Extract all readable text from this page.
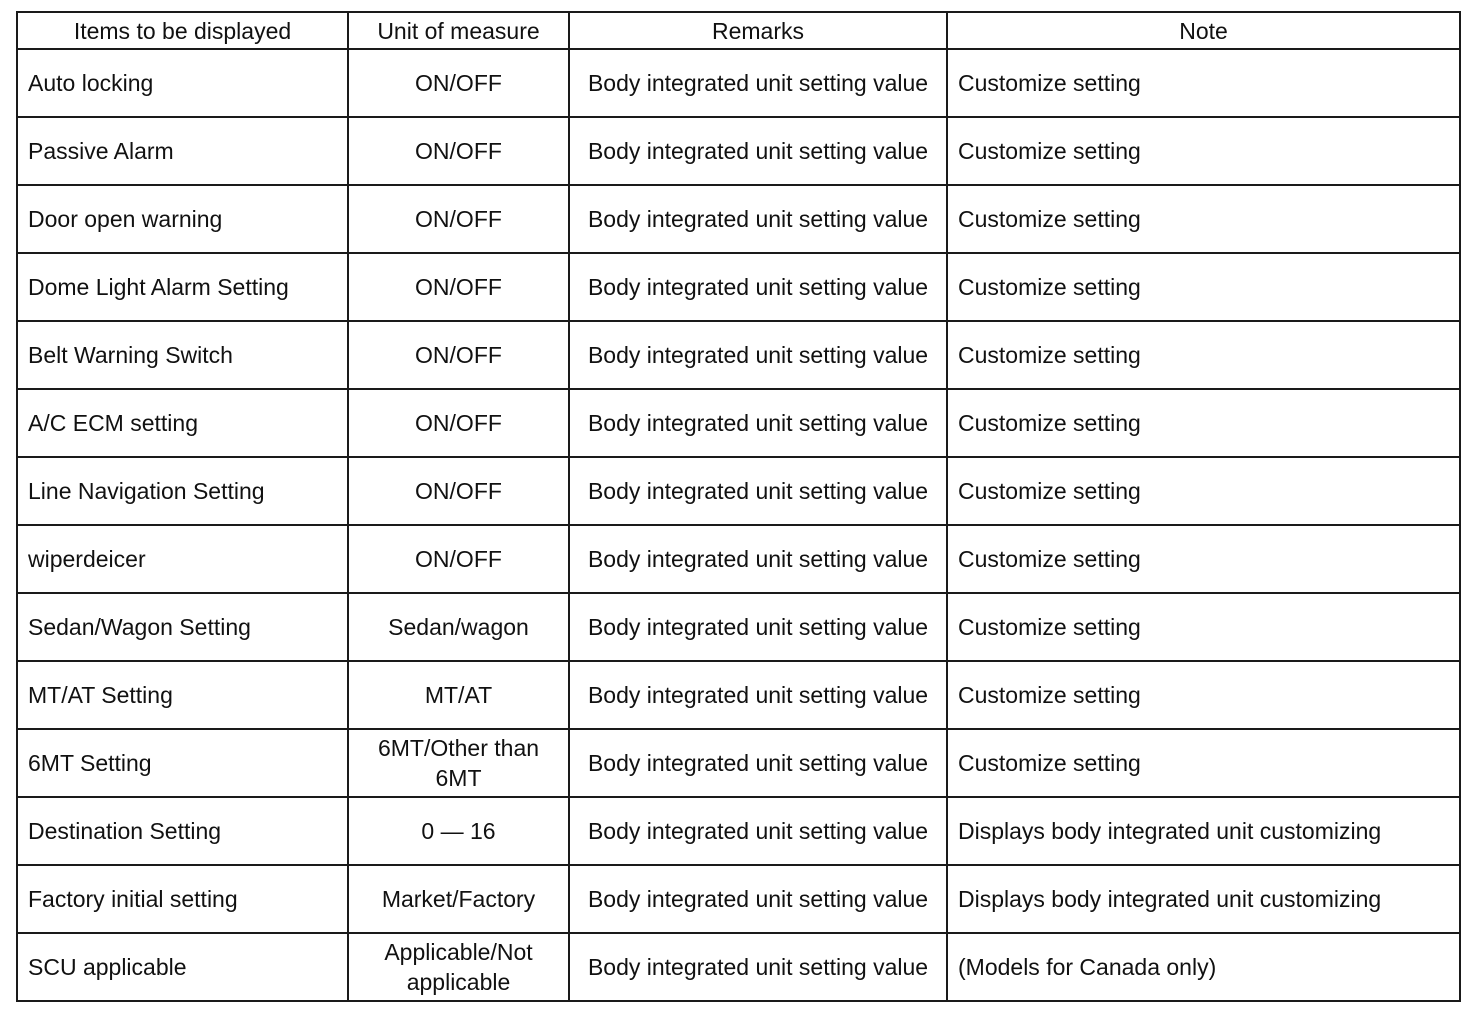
Items to be displayed	Unit of measure	Remarks	Note
Auto locking	ON/OFF	Body integrated unit setting value	Customize setting
Passive Alarm	ON/OFF	Body integrated unit setting value	Customize setting
Door open warning	ON/OFF	Body integrated unit setting value	Customize setting
Dome Light Alarm Setting	ON/OFF	Body integrated unit setting value	Customize setting
Belt Warning Switch	ON/OFF	Body integrated unit setting value	Customize setting
A/C ECM setting	ON/OFF	Body integrated unit setting value	Customize setting
Line Navigation Setting	ON/OFF	Body integrated unit setting value	Customize setting
wiperdeicer	ON/OFF	Body integrated unit setting value	Customize setting
Sedan/Wagon Setting	Sedan/wagon	Body integrated unit setting value	Customize setting
MT/AT Setting	MT/AT	Body integrated unit setting value	Customize setting
6MT Setting	6MT/Other than 6MT	Body integrated unit setting value	Customize setting
Destination Setting	0 — 16	Body integrated unit setting value	Displays body integrated unit customizing
Factory initial setting	Market/Factory	Body integrated unit setting value	Displays body integrated unit customizing
SCU applicable	Applicable/Not applicable	Body integrated unit setting value	(Models for Canada only)
